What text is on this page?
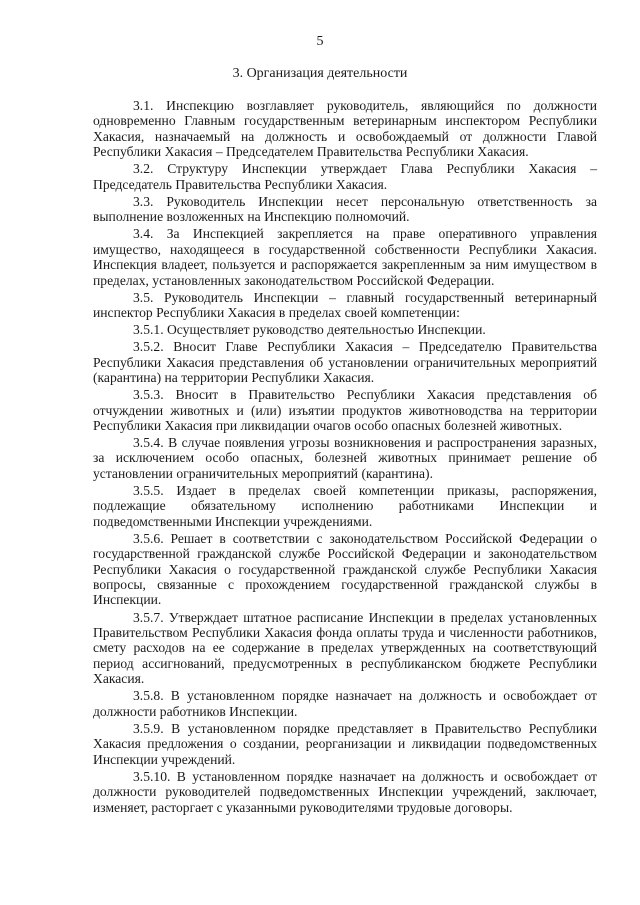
5
3. Организация деятельности

3.1. Инспекцию возглавляет руководитель, являющийся по должности одновременно Главным государственным ветеринарным инспектором Республики Хакасия, назначаемый на должность и освобождаемый от должности Главой Республики Хакасия – Председателем Правительства Республики Хакасия.

3.2. Структуру Инспекции утверждает Глава Республики Хакасия – Председатель Правительства Республики Хакасия.

3.3. Руководитель Инспекции несет персональную ответственность за выполнение возложенных на Инспекцию полномочий.

3.4. За Инспекцией закрепляется на праве оперативного управления имущество, находящееся в государственной собственности Республики Хакасия. Инспекция владеет, пользуется и распоряжается закрепленным за ним имуществом в пределах, установленных законодательством Российской Федерации.

3.5. Руководитель Инспекции – главный государственный ветеринарный инспектор Республики Хакасия в пределах своей компетенции:

3.5.1. Осуществляет руководство деятельностью Инспекции.

3.5.2. Вносит Главе Республики Хакасия – Председателю Правительства Республики Хакасия представления об установлении ограничительных мероприятий (карантина) на территории Республики Хакасия.

3.5.3. Вносит в Правительство Республики Хакасия представления об отчуждении животных и (или) изъятии продуктов животноводства на территории Республики Хакасия при ликвидации очагов особо опасных болезней животных.

3.5.4. В случае появления угрозы возникновения и распространения заразных, за исключением особо опасных, болезней животных принимает решение об установлении ограничительных мероприятий (карантина).

3.5.5. Издает в пределах своей компетенции приказы, распоряжения, подлежащие обязательному исполнению работниками Инспекции и подведомственными Инспекции учреждениями.

3.5.6. Решает в соответствии с законодательством Российской Федерации о государственной гражданской службе Российской Федерации и законодательством Республики Хакасия о государственной гражданской службе Республики Хакасия вопросы, связанные с прохождением государственной гражданской службы в Инспекции.

3.5.7. Утверждает штатное расписание Инспекции в пределах установленных Правительством Республики Хакасия фонда оплаты труда и численности работников, смету расходов на ее содержание в пределах утвержденных на соответствующий период ассигнований, предусмотренных в республиканском бюджете Республики Хакасия.

3.5.8. В установленном порядке назначает на должность и освобождает от должности работников Инспекции.

3.5.9. В установленном порядке представляет в Правительство Республики Хакасия предложения о создании, реорганизации и ликвидации подведомственных Инспекции учреждений.

3.5.10. В установленном порядке назначает на должность и освобождает от должности руководителей подведомственных Инспекции учреждений, заключает, изменяет, расторгает с указанными руководителями трудовые договоры.
